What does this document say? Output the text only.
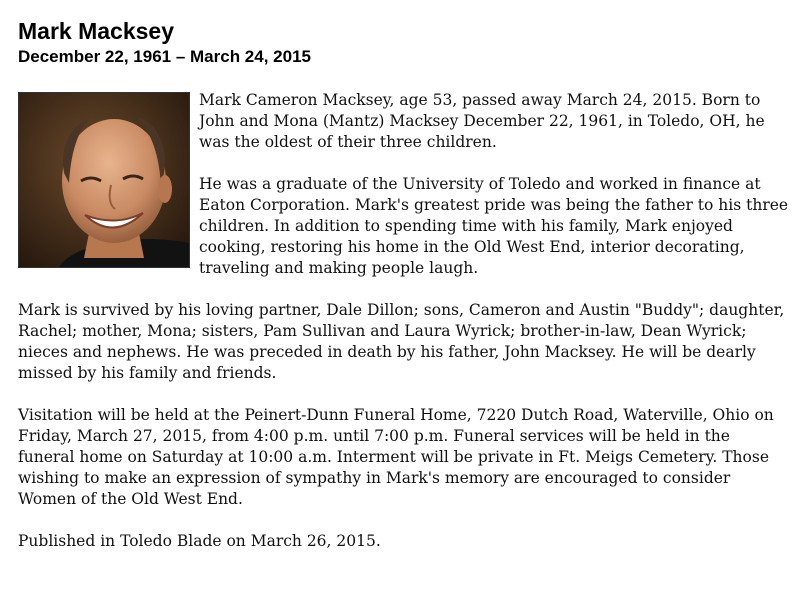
Mark Macksey
December 22, 1961 – March 24, 2015

Mark Cameron Macksey, age 53, passed away March 24, 2015. Born to John and Mona (Mantz) Macksey December 22, 1961, in Toledo, OH, he was the oldest of their three children.

He was a graduate of the University of Toledo and worked in finance at Eaton Corporation. Mark's greatest pride was being the father to his three children. In addition to spending time with his family, Mark enjoyed cooking, restoring his home in the Old West End, interior decorating, traveling and making people laugh.

Mark is survived by his loving partner, Dale Dillon; sons, Cameron and Austin "Buddy"; daughter, Rachel; mother, Mona; sisters, Pam Sullivan and Laura Wyrick; brother-in-law, Dean Wyrick; nieces and nephews. He was preceded in death by his father, John Macksey. He will be dearly missed by his family and friends.

Visitation will be held at the Peinert-Dunn Funeral Home, 7220 Dutch Road, Waterville, Ohio on Friday, March 27, 2015, from 4:00 p.m. until 7:00 p.m. Funeral services will be held in the funeral home on Saturday at 10:00 a.m. Interment will be private in Ft. Meigs Cemetery. Those wishing to make an expression of sympathy in Mark's memory are encouraged to consider Women of the Old West End.

Published in Toledo Blade on March 26, 2015.
